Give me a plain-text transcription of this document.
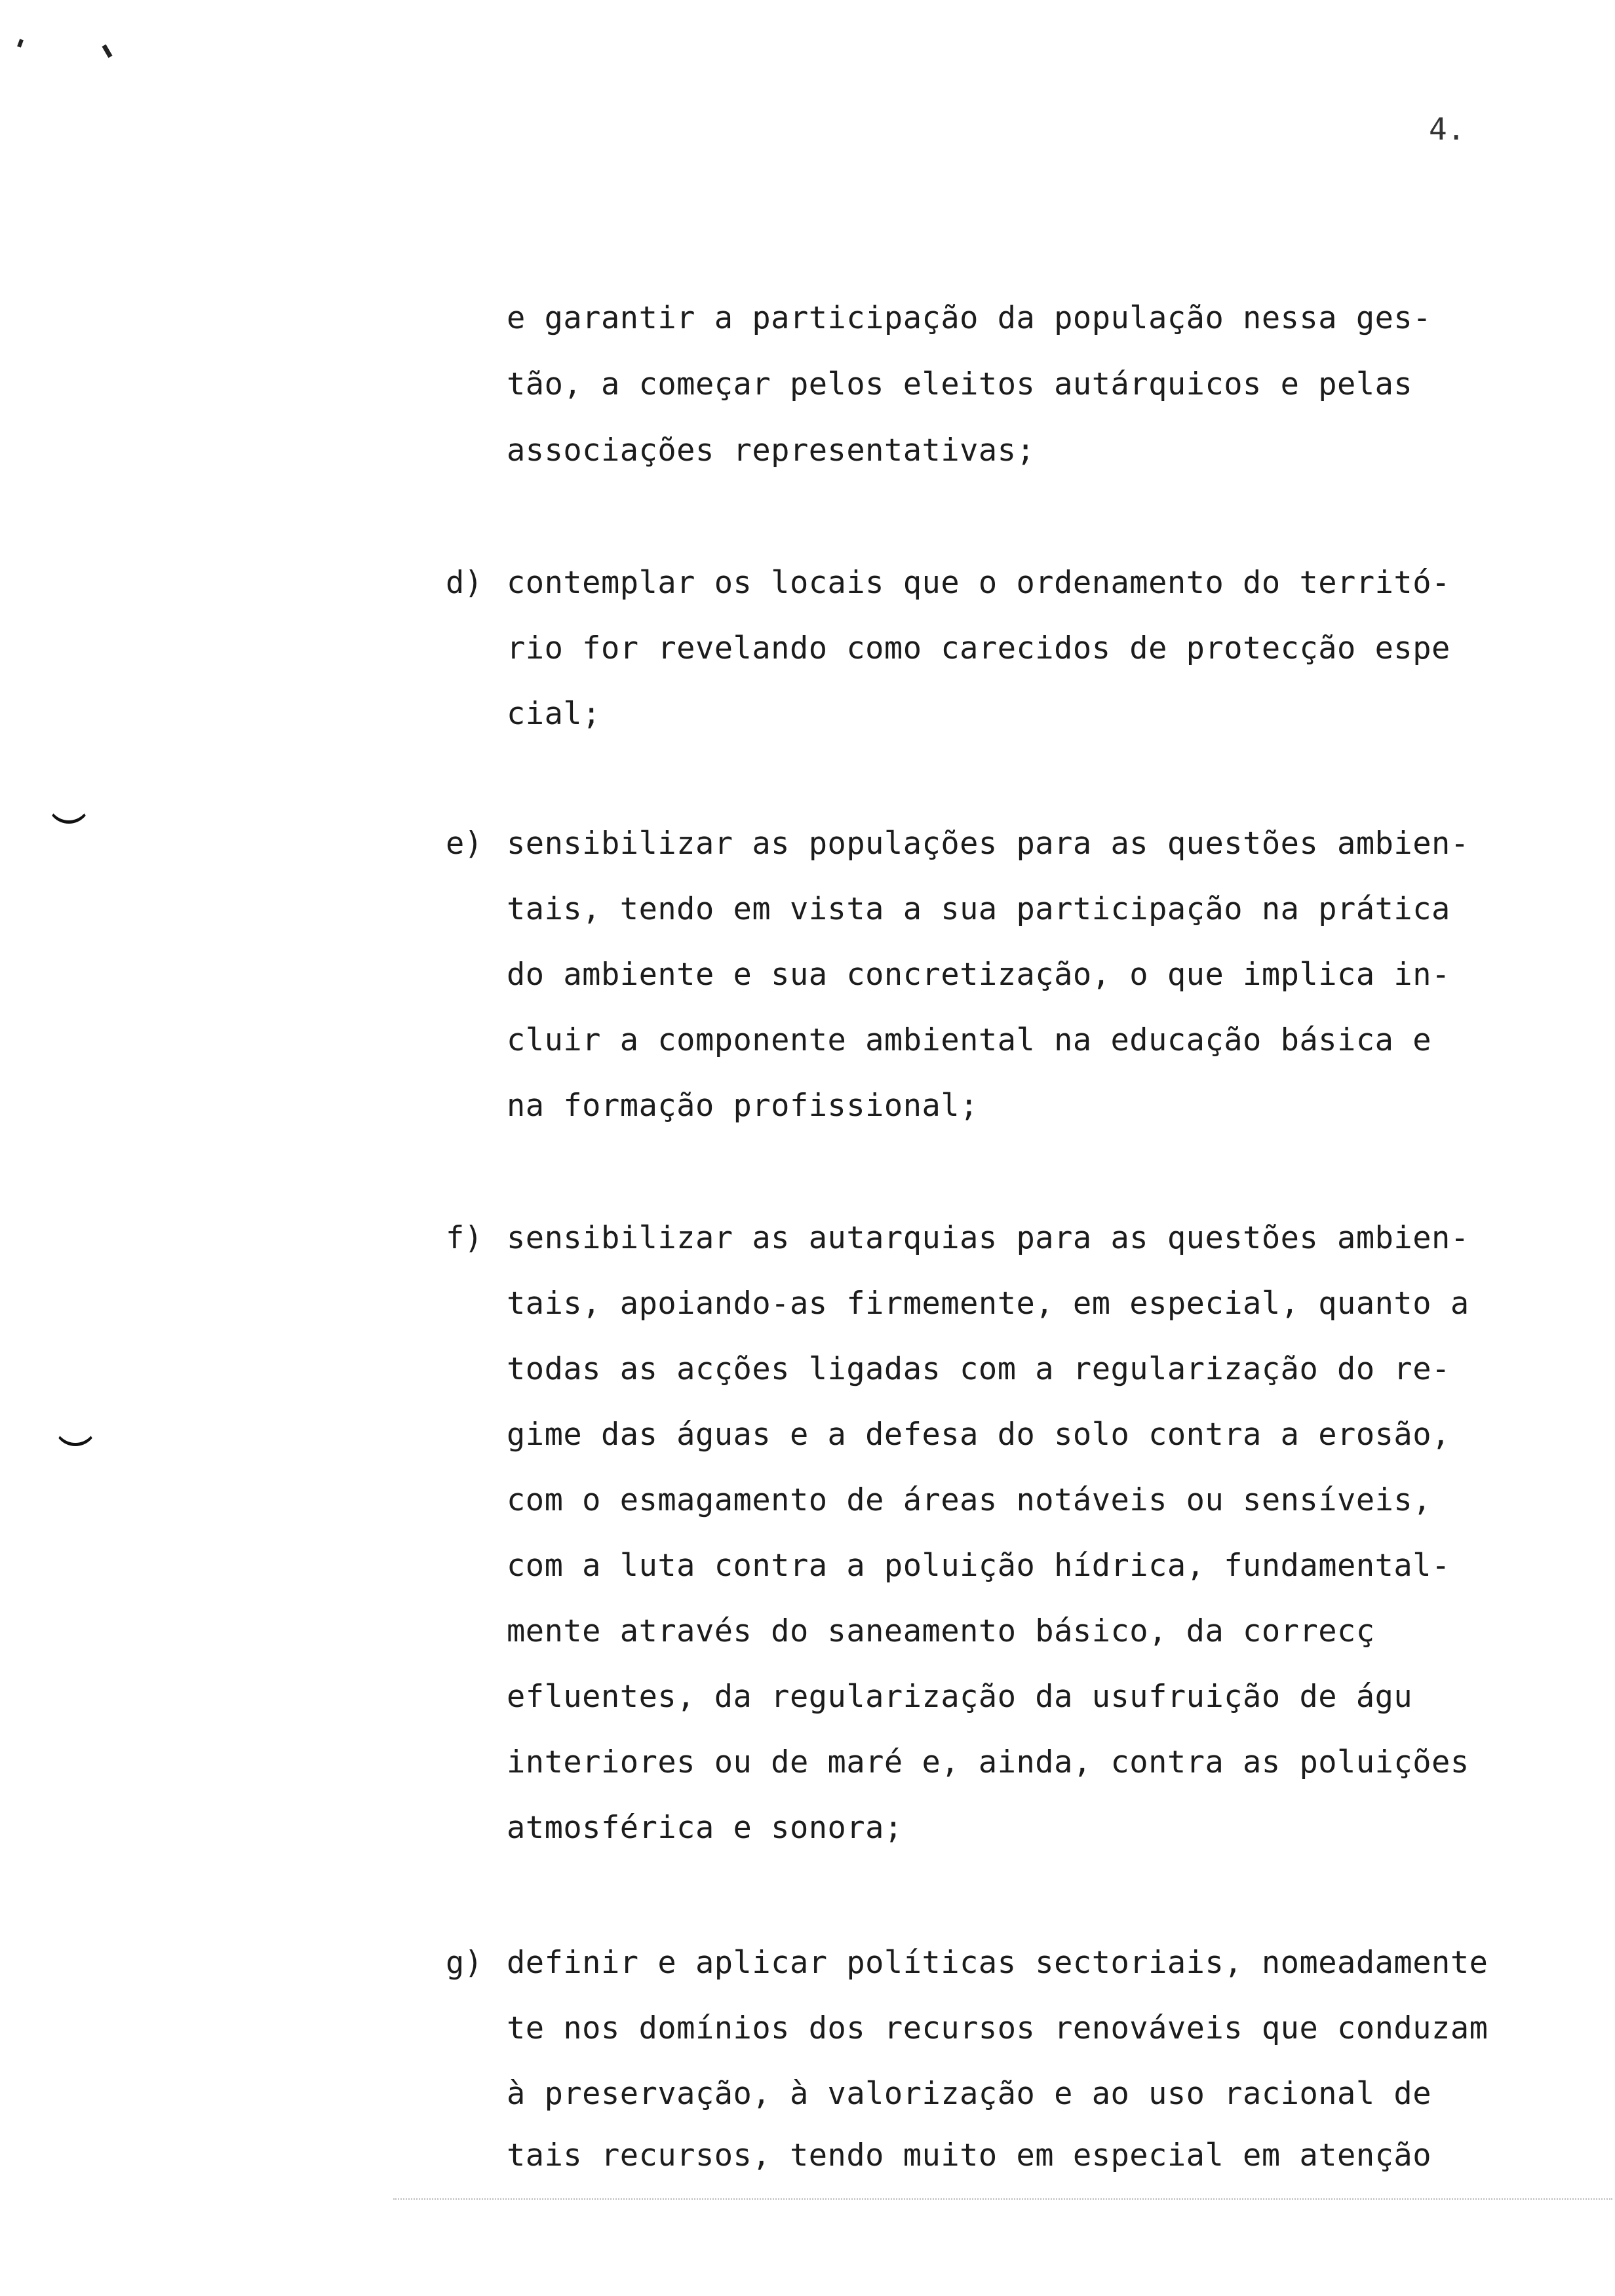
4.
e garantir a participação da população nessa ges-
tão, a começar pelos eleitos autárquicos e pelas
associações representativas;
d) contemplar os locais que o ordenamento do territó-
rio for revelando como carecidos de protecção espe
cial;
e) sensibilizar as populações para as questões ambien-
tais, tendo em vista a sua participação na prática
do ambiente e sua concretização, o que implica in-
cluir a componente ambiental na educação básica e
na formação profissional;
f) sensibilizar as autarquias para as questões ambien-
tais, apoiando-as firmemente, em especial, quanto a
todas as acções ligadas com a regularização do re-
gime das águas e a defesa do solo contra a erosão,
com o esmagamento de áreas notáveis ou sensíveis,
com a luta contra a poluição hídrica, fundamental-
mente através do saneamento básico, da correcç
efluentes, da regularização da usufruição de águ
interiores ou de maré e, ainda, contra as poluições
atmosférica e sonora;
g) definir e aplicar políticas sectoriais, nomeadamente
te nos domínios dos recursos renováveis que conduzam
à preservação, à valorização e ao uso racional de
tais recursos, tendo muito em especial em atenção
